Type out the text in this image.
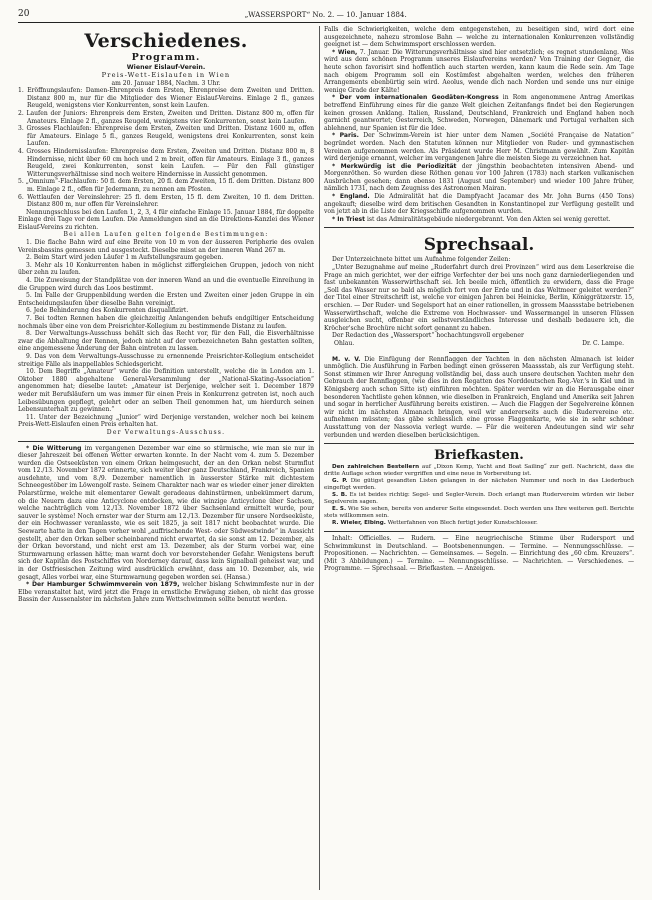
20	„WASSERSPORT“ No. 2. — 10. Januar 1884.
Verschiedenes.
Programm.
Wiener Eislauf-Verein.
Preis-Wett-Eislaufen in Wien
am 20. Januar 1884, Nachm. 3 Uhr.

1. Eröffnungslaufen: Damen-Ehrenpreis dem Ersten, Ehrenpreise dem Zweiten und Dritten. Distanz 800 m, nur für die Mitglieder des Wiener Eislauf-Vereins. Einlage 2 fl., ganzes Reugeld, wenigstens vier Konkurrenten, sonst kein Laufen.

2. Laufen der Juniors: Ehrenpreis dem Ersten, Zweiten und Dritten. Distanz 800 m, offen für Amateurs. Einlage 2 fl., ganzes Reugeld, wenigstens vier Konkurrenten, sonst kein Laufen.

3. Grosses Flachlaufen: Ehrenpreise dem Ersten, Zweiten und Dritten. Distanz 1600 m, offen für Amateurs. Einlage 5 fl., ganzes Reugeld, wenigstens drei Konkurrenten, sonst kein Laufen.

4. Grosses Hindernisslaufen: Ehrenpreise dem Ersten, Zweiten und Dritten. Distanz 800 m, 8 Hindernisse, nicht über 60 cm hoch und 2 m breit, offen für Amateurs. Einlage 3 fl., ganzes Reugeld, zwei Konkurrenten, sonst kein Laufen. — Für den Fall günstiger Witterungsverhältnisse sind noch weitere Hindernisse in Aussicht genommen.

5. „Omnium“-Flachlaufen: 50 fl. dem Ersten, 20 fl. dem Zweiten, 15 fl. dem Dritten. Distanz 800 m. Einlage 2 fl., offen für Jedermann, zu nennen am Pfosten.

6. Wettlaufen der Vereinslehrer: 25 fl. dem Ersten, 15 fl. dem Zweiten, 10 fl. dem Dritten. Distanz 800 m, nur offen für Vereinslehrer.

Nennungsschluss bei den Laufen 1, 2, 3, 4 für einfache Einlage 15. Januar 1884, für doppelte Einlage drei Tage vor dem Laufen. Die Anmeldungen sind an die Direktions-Kanzlei des Wiener Eislauf-Vereins zu richten.

Bei allen Laufen gelten folgende Bestimmungen:

1. Die flache Bahn wird auf eine Breite von 10 m von der äusseren Peripherie des ovalen Vereinsbassins gemessen und ausgesteckt. Dieselbe misst an der inneren Wand 267 m.

2. Beim Start wird jeden Läufer 1 m Aufstellungsraum gegeben.

3. Mehr als 10 Konkurrenten haben in möglichst ziffergleichen Gruppen, jedoch von nicht über zehn zu laufen.

4. Die Zuweisung der Standplätze von der inneren Wand an und die eventuelle Einreihung in die Gruppen wird durch das Loos bestimmt.

5. Im Falle der Gruppenbildung werden die Ersten und Zweiten einer jeden Gruppe in ein Entscheidungslaufen über dieselbe Bahn vereinigt.

6. Jede Behinderung des Konkurrenten disqualifizirt.

7. Bei todten Rennen haben die gleichzeitig Anlangenden behufs endgiltiger Entscheidung nochmals über eine von dem Preisrichter-Kollegium zu bestimmende Distanz zu laufen.

8. Der Verwaltungs-Ausschuss behält sich das Recht vor, für den Fall, die Eisverhältnisse zwar die Abhaltung der Rennen, jedoch nicht auf der vorbezeichneten Bahn gestatten sollten, eine angemessene Änderung der Bahn eintreten zu lassen.

9. Das von dem Verwaltungs-Ausschusse zu ernennende Preisrichter-Kollegium entscheidet streitige Fälle als inappellables Schiedsgericht.

10. Dem Begriffe „Amateur“ wurde die Definition unterstellt, welche die in London am 1. Oktober 1880 abgehaltene General-Versammlung der „National-Skating-Association“ angenommen hat; dieselbe lautet: „Amateur ist Derjenige, welcher seit 1. December 1879 weder mit Berufsläufern um was immer für einen Preis in Konkurrenz getreten ist, noch auch Leibesübungen gepflegt, gelehrt oder an selben Theil genommen hat, um hierdurch seinen Lebensunterhalt zu gewinnen.“

11. Unter der Bezeichnung „Junior“ wird Derjenige verstanden, welcher noch bei keinem Preis-Wett-Eislaufen einen Preis erhalten hat.

Der Verwaltungs-Ausschuss.

* Die Witterung im vergangenen Dezember war eine so stürmische, wie man sie nur in dieser Jahreszeit bei offenen Wetter erwarten konnte. In der Nacht vom 4. zum 5. Dezember wurden die Ostseeküsten von einem Orkan heimgesucht, der an den Orkan nebst Sturmflut vom 12./13. November 1872 erinnerte, sich weiter über ganz Deutschland, Frankreich, Spanien ausdehnte, und vom 8./9. Dezember namentlich in äusserster Stärke mit dichtestem Schneegestöber im Löwengolf raste. Seinem Charakter nach war es wieder einer jener direkten Polarstürme, welche mit elementarer Gewalt geradeaus dahinstürmen, unbekümmert darum, ob die Neuern dazu eine Anticyclone entdecken, wie die winzige Anticyclone über Sachsen, welche nachträglich vom 12./13. November 1872 über Sachsenland ermittelt wurde, pour sauver le système! Noch ernster war der Sturm am 12./13. Dezember für unsere Nordseeküste, der ein Hochwasser veranlasste, wie es seit 1825, ja seit 1817 nicht beobachtet wurde. Die Seewarte hatte in den Tagen vorher wohl „auffrischende West- oder Südwestwinde“ in Aussicht gestellt, aber den Orkan selber scheinbarend nicht erwartet, da sie sonst am 12. Dezember, als der Orkan bevorstand, und nicht erst am 13. Dezember, als der Sturm vorbei war, eine Sturmwarnung erlassen hätte; man warnt doch vor bevorstehender Gefahr. Wenigstens beruft sich der Kapitän des Postschiffes von Norderney darauf, dass kein Signalball geheisst war, und in der Ostfriesischen Zeitung wird ausdrücklich erwähnt, dass am 10. Dezember, als, wie gesagt, Alles vorbei war, eine Sturmwarnung gegeben worden sei. (Hansa.)

* Der Hamburger Schwimmverein von 1879, welcher bislang Schwimmfeste nur in der Elbe veranstaltet hat, wird jetzt die Frage in ernstliche Erwägung ziehen, ob nicht das grosse Bassin der Aussenalster im nächsten Jahre zum Wettschwimmen sollte benutzt werden.

Falls die Schwierigkeiten, welche dem entgegenstehen, zu beseitigen sind, wird dort eine ausgezeichnete, nahezu stromlose Bahn — welche zu internationalen Konkurrenzen vollständig geeignet ist — dem Schwimmsport erschlossen werden.

* Wien, 7. Januar. Die Witterungsverhältnisse sind hier entsetzlich; es regnet stundenlang. Was wird aus dem schönen Programm unseres Eislaufvereins werden? Von Training der Gegner, die heute schon favorisirt sind hoffentlich auch starten werden, kann kaum die Rede sein. Am Tage nach obigem Programm soll ein Kostümfest abgehalten werden, welches den früheren Arrangements ebenbürtig sein wird. Aeolus, wende dich nach Norden und sende uns nur einige wenige Grade der Kälte!

* Der vom internationalen Geodäten-Kongress in Rom angenommene Antrag Amerikas betreffend Einführung eines für die ganze Welt gleichen Zeitanfangs findet bei den Regierungen keinen grossen Anklang. Italien, Russland, Deutschland, Frankreich und England haben noch garnicht geantwortet; Oesterreich, Schweden, Norwegen, Dänemark und Portugal verhalten sich ablehnend, nur Spanien ist für die Idee.

* Paris. Der Schwimm-Verein ist hier unter dem Namen „Société Française de Natation“ begründet worden. Nach den Statuten können nur Mitglieder von Ruder- und gymnastischen Vereinen aufgenommen werden. Als Präsident wurde Herr M. Christmann gewählt. Zum Kapitän wird derjenige ernannt, welcher im vergangenen Jahre die meisten Siege zu verzeichnen hat.

* Merkwürdig ist die Periodizität der jüngsthin beobachteten intensiven Abend- und Morgenröthen. So wurden diese Röthen genau vor 100 Jahren (1783) nach starken vulkanischen Ausbrüchen gesehen; dann ebenso 1831 (August und September) und wieder 100 Jahre früher, nämlich 1731, nach dem Zeugniss des Astronomen Mairan.

* England. Die Admiralität hat die Dampfyacht Jacamar des Mr. John Burns (450 Tons) angekauft; dieselbe wird dem britischen Gesandten in Konstantinopel zur Verfügung gestellt und von jetzt ab in die Liste der Kriegsschiffe aufgenommen wurden.

* In Triest ist das Admiralitätsgebäude niedergebrannt. Von den Akten sei wenig gerettet.

Sprechsaal.

Der Unterzeichnete bittet um Aufnahme folgender Zeilen:

„Unter Bezugnahme auf meine „Ruderfahrt durch drei Provinzen“ wird aus dem Leserkreise die Frage an mich gerichtet, wer der eifrige Verfechter der bei uns noch ganz darniederliegenden und fast unbekannten Wasserwirthschaft sei. Ich beeile mich, öffentlich zu erwidern, dass die Frage „Soll das Wasser nur so bald als möglich fort von der Erde und in das Weltmeer geleitet werden?“ der Titel einer Streitschrift ist, welche vor einigen Jahren bei Heinicke, Berlin, Königgrätzerstr. 15, erschien. — Der Ruder- und Segelsport hat an einer rationellen, in grossem Maassstabe betriebenen Wasserwirthschaft, welche die Extreme von Hochwasser- und Wassermangel in unseren Flüssen ausgleichen sucht, offenbar ein selbstverständliches Interesse und deshalb bedauere ich, die Kröcher'sche Brochüre nicht sofort genannt zu haben.

Der Redaction des „Wassersport“ hochachtungsvoll ergebener

Ohlau.	Dr. C. Lampe.

M. v. V. Die Einfügung der Rennflaggen der Yachten in den nächsten Almanach ist leider unmöglich. Die Ausführung in Farben bedingt einen grösseren Maassstab, als zur Verfügung steht. Sonst stimmen wir Ihrer Anregung vollständig bei, dass auch unsere deutschen Yachten mehr den Gebrauch der Rennflaggen, (wie dies in den Regatten des Norddeutschen Reg.-Ver.'s in Kiel und in Königsberg auch schon Sitte ist) einführen möchten. Später werden wir an die Herausgabe einer besonderen Yachtliste gehen können, wie dieselben in Frankreich, England und Amerika seit Jahren und sogar in herrlicher Ausführung bereits existiren. — Auch die Flaggen der Segelvereine können wir nicht im nächsten Almanach bringen, weil wir andererseits auch die Rudervereine etc. aufnehmen müssten; das gäbe schliesslich eine grosse Flaggenkarte, wie sie in sehr schöner Ausstattung von der Nassovia verlegt wurde. — Für die weiteren Andeutungen sind wir sehr verbunden und werden dieselben berücksichtigen.

Briefkasten.

Den zahlreichen Bestellern auf „Dixon Kemp, Yacht and Boat Sailing“ zur gefl. Nachricht, dass die dritte Auflage schon wieder vergriffen und eine neue in Vorbereitung ist.

G. P. Die gütigst gesandten Listen gelangen in der nächsten Nummer und noch in das Liederbuch eingefügt werden.

S. B. Es ist beides richtig: Segel- und Segler-Verein. Doch erlangt man Rudervereim würden wir lieber Segelverein sagen.

E. S. Wie Sie sehen, bereits von anderer Seite eingesendet. Doch werden uns Ihre weiteren gefl. Berichte stets willkommen sein.

R. Wieler, Elbing. Wetterfahnen von Blech fertigt jeder Kunstschlosser.

Inhalt: Officielles. — Rudern. — Eine neugriechische Stimme über Rudersport und Schwimmkunst in Deutschland. — Bootsbenennungen. — Termine. — Nennungsschlüsse. — Propositionen. — Nachrichten. — Gemeinsames. — Segeln. — Einrichtung des „60 cbm. Kreuzers“. (Mit 3 Abbildungen.) — Termine. — Nennungsschlüsse. — Nachrichten. — Verschiedenes. — Programme. — Sprechsaal. — Briefkasten. — Anzeigen.
